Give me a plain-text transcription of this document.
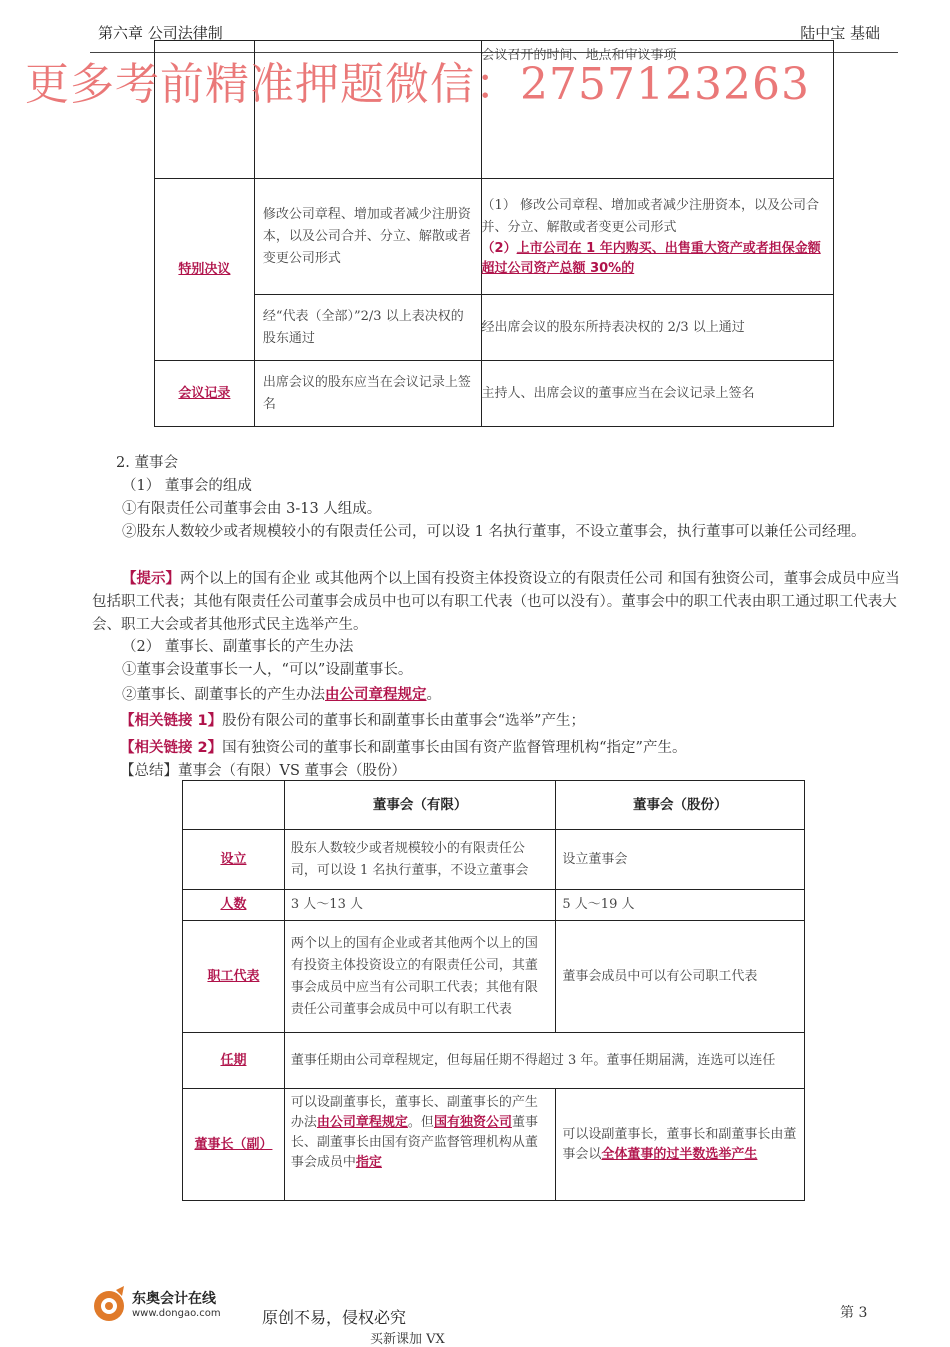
第六章 公司法律制	陆中宝 基础
		会议召开的时间、地点和审议事项
特别决议	修改公司章程、增加或者减少注册资本，以及公司合并、分立、解散或者变更公司形式	（1） 修改公司章程、增加或者减少注册资本，以及公司合并、分立、解散或者变更公司形式
（2）上市公司在 1 年内购买、出售重大资产或者担保金额超过公司资产总额 30%的

	经“代表（全部）”2/3 以上表决权的股东通过	经出席会议的股东所持表决权的 2/3 以上通过
会议记录	出席会议的股东应当在会议记录上签名	主持人、出席会议的董事应当在会议记录上签名
更多考前精准押题微信：2757123263
2. 董事会
（1） 董事会的组成
①有限责任公司董事会由 3-13 人组成。
②股东人数较少或者规模较小的有限责任公司，可以设 1 名执行董事，不设立董事会，执行董事可以兼任公司经理。
【提示】两个以上的国有企业 或其他两个以上国有投资主体投资设立的有限责任公司 和国有独资公司，董事会成员中应当包括职工代表；其他有限责任公司董事会成员中也可以有职工代表（也可以没有）。董事会中的职工代表由职工通过职工代表大会、职工大会或者其他形式民主选举产生。
（2） 董事长、副董事长的产生办法
①董事会设董事长一人，“可以”设副董事长。
②董事长、副董事长的产生办法由公司章程规定。
【相关链接 1】股份有限公司的董事长和副董事长由董事会“选举”产生；
【相关链接 2】国有独资公司的董事长和副董事长由国有资产监督管理机构“指定”产生。
【总结】董事会（有限）VS 董事会（股份）
	董事会（有限）	董事会（股份）
设立	股东人数较少或者规模较小的有限责任公司，可以设 1 名执行董事，不设立董事会	设立董事会
人数	3 人～13 人	5 人～19 人
职工代表	两个以上的国有企业或者其他两个以上的国有投资主体投资设立的有限责任公司，其董事会成员中应当有公司职工代表；其他有限责任公司董事会成员中可以有职工代表	董事会成员中可以有公司职工代表
任期	董事任期由公司章程规定，但每届任期不得超过 3 年。董事任期届满，连选可以连任	
董事长（副）	可以设副董事长，董事长、副董事长的产生办法由公司章程规定。但国有独资公司董事长、副董事长由国有资产监督管理机构从董事会成员中指定	可以设副董事长，董事长和副董事长由董事会以全体董事的过半数选举产生
东奥会计在线
www.dongao.com	原创不易，侵权必究	第 3
买新课加 VX
